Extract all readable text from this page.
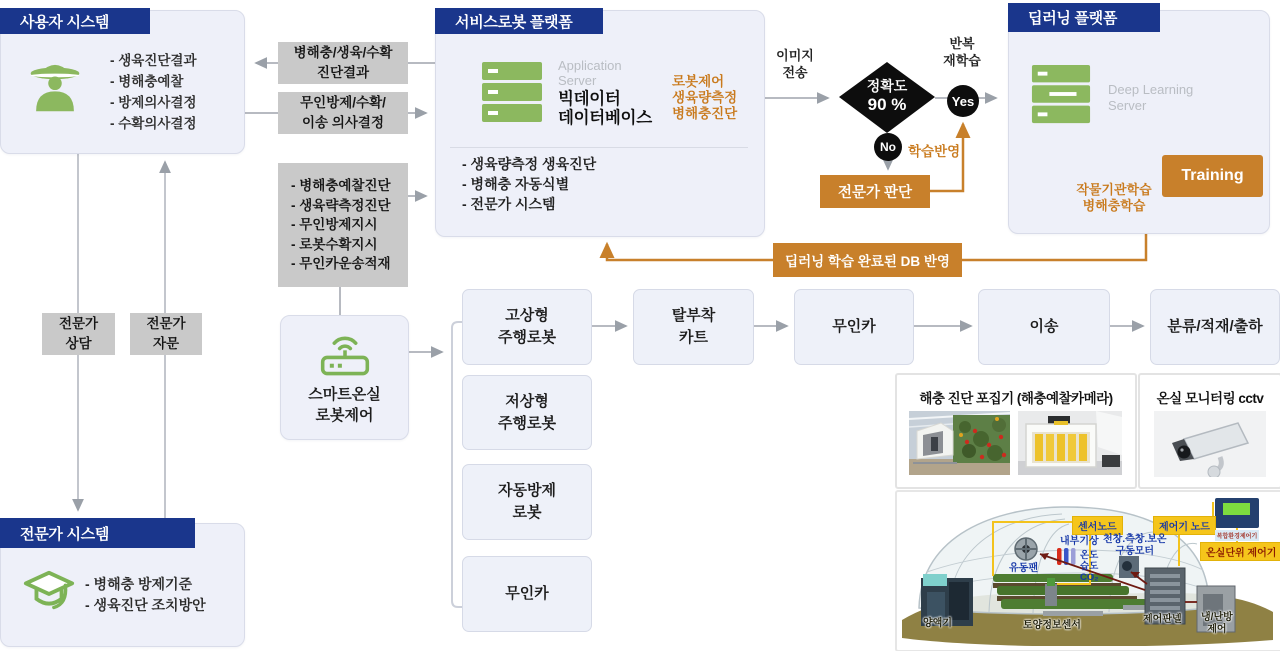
사용자 시스템
- 생육진단결과
- 병해충예찰
- 방제의사결정
- 수확의사결정
병해충/생육/수확
진단결과
무인방제/수확/
이송 의사결정
- 병해충예찰진단
- 생육략측정진단
- 무인방제지시
- 로봇수확지시
- 무인카운송적재
스마트온실
로봇제어
서비스로봇 플랫폼
Application
Server
빅데이터
데이터베이스
로봇제어
생육량측정
병해충진단
- 생육량측정 생육진단
- 병해충 자동식별
- 전문가 시스템
이미지
전송
정확도
90 %
반복
재학습
Yes
No 학습반영
전문가 판단
딥러닝 학습 완료된 DB 반영
딥러닝 플랫폼
Deep Learning
Server
Training
작물기관학습
병해충학습
고상형
주행로봇
탈부착
카트
무인카	이송	분류/적재/출하
저상형
주행로봇
자동방제
로봇
무인카
전문가
상담
전문가
자문
전문가 시스템
- 병해충 방제기준
- 생육진단 조치방안
해충 진단 포집기 (해충예찰카메라)	온실 모니터링 cctv
센서노드	제어기 노드
온실단위 제어기
복합환경제어기
내부기상 천창.측창.보온
구동모터
온도
습도
CO₂
유동팬
양액기	토양정보센서
제어판넬 냉/난방
제어
